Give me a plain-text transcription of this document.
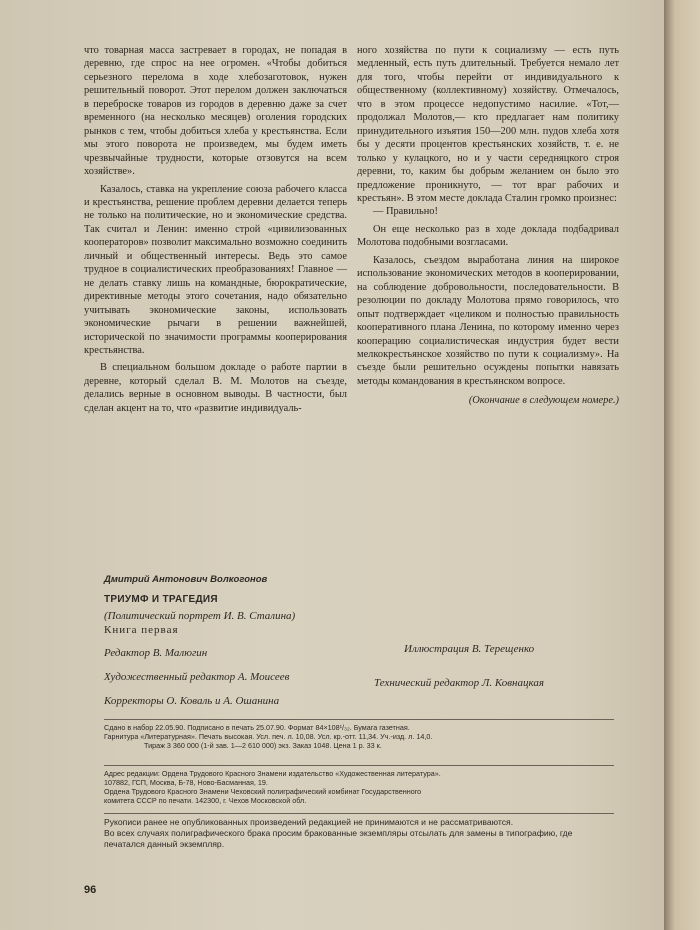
что товарная масса застревает в городах, не попадая в деревню, где спрос на нее огромен. «Чтобы добиться серьезного перелома в ходе хлебозаготовок, нужен решительный поворот. Этот перелом должен заключаться в переброске товаров из городов в деревню даже за счет временного (на несколько месяцев) оголения городских рынков с тем, чтобы добиться хлеба у крестьянства. Если мы этого поворота не произведем, мы будем иметь чрезвычайные трудности, которые отзовутся на всем хозяйстве».

Казалось, ставка на укрепление союза рабочего класса и крестьянства, решение проблем деревни делается теперь не только на политические, но и экономические средства. Так считал и Ленин: именно строй «цивилизованных кооператоров» позволит максимально возможно соединить личный и общественный интересы. Ведь это самое трудное в социалистических преобразованиях! Главное — не делать ставку лишь на командные, бюрократические, директивные методы этого сочетания, надо обязательно учитывать экономические законы, использовать экономические рычаги в решении важнейшей, исторической по значимости программы кооперирования крестьянства.

В специальном большом докладе о работе партии в деревне, который сделал В. М. Молотов на съезде, делались верные в основном выводы. В частности, был сделан акцент на то, что «развитие индивидуаль-

ного хозяйства по пути к социализму — есть путь медленный, есть путь длительный. Требуется немало лет для того, чтобы перейти от индивидуального к общественному (коллективному) хозяйству. Отмечалось, что в этом процессе недопустимо насилие. «Тот,— продолжал Молотов,— кто предлагает нам политику принудительного изъятия 150—200 млн. пудов хлеба хотя бы у десяти процентов крестьянских хозяйств, т. е. не только у кулацкого, но и у части середняцкого строя деревни, то, каким бы добрым желанием он было это предложение проникнуто, — тот враг рабочих и крестьян». В этом месте доклада Сталин громко произнес:

— Правильно!

Он еще несколько раз в ходе доклада подбадривал Молотова подобными возгласами.

Казалось, съездом выработана линия на широкое использование экономических методов в кооперировании, на соблюдение добровольности, последовательности. В резолюции по докладу Молотова прямо говорилось, что опыт подтверждает «целиком и полностью правильность кооперативного плана Ленина, по которому именно через кооперацию социалистическая индустрия будет вести мелкокрестьянское хозяйство по пути к социализму». На съезде были решительно осуждены попытки навязать методы командования в крестьянском вопросе.

(Окончание в следующем номере.)

Дмитрий Антонович Волкогонов
ТРИУМФ И ТРАГЕДИЯ
(Политический портрет И. В. Сталина)
Книга первая
Редактор В. Малюгин	Иллюстрация В. Терещенко
Художественный редактор А. Моисеев	Технический редактор Л. Ковнацкая
Корректоры О. Коваль и А. Ошанина
Сдано в набор 22.05.90. Подписано в печать 25.07.90. Формат 84×108¹/₃₂. Бумага газетная.
Гарнитура «Литературная». Печать высокая. Усл. печ. л. 10,08. Усл. кр.-отт. 11,34. Уч.-изд. л. 14,0.
Тираж 3 360 000 (1-й зав. 1—2 610 000) экз. Заказ 1048. Цена 1 р. 33 к.
Адрес редакции: Ордена Трудового Красного Знамени издательство «Художественная литература».
107882, ГСП, Москва, Б-78, Ново-Басманная, 19.
Ордена Трудового Красного Знамени Чеховский полиграфический комбинат Государственного
комитета СССР по печати. 142300, г. Чехов Московской обл.
Рукописи ранее не опубликованных произведений редакцией не принимаются и не рассматриваются.
Во всех случаях полиграфического брака просим бракованные экземпляры отсылать для замены в типографию, где печатался данный экземпляр.
96
